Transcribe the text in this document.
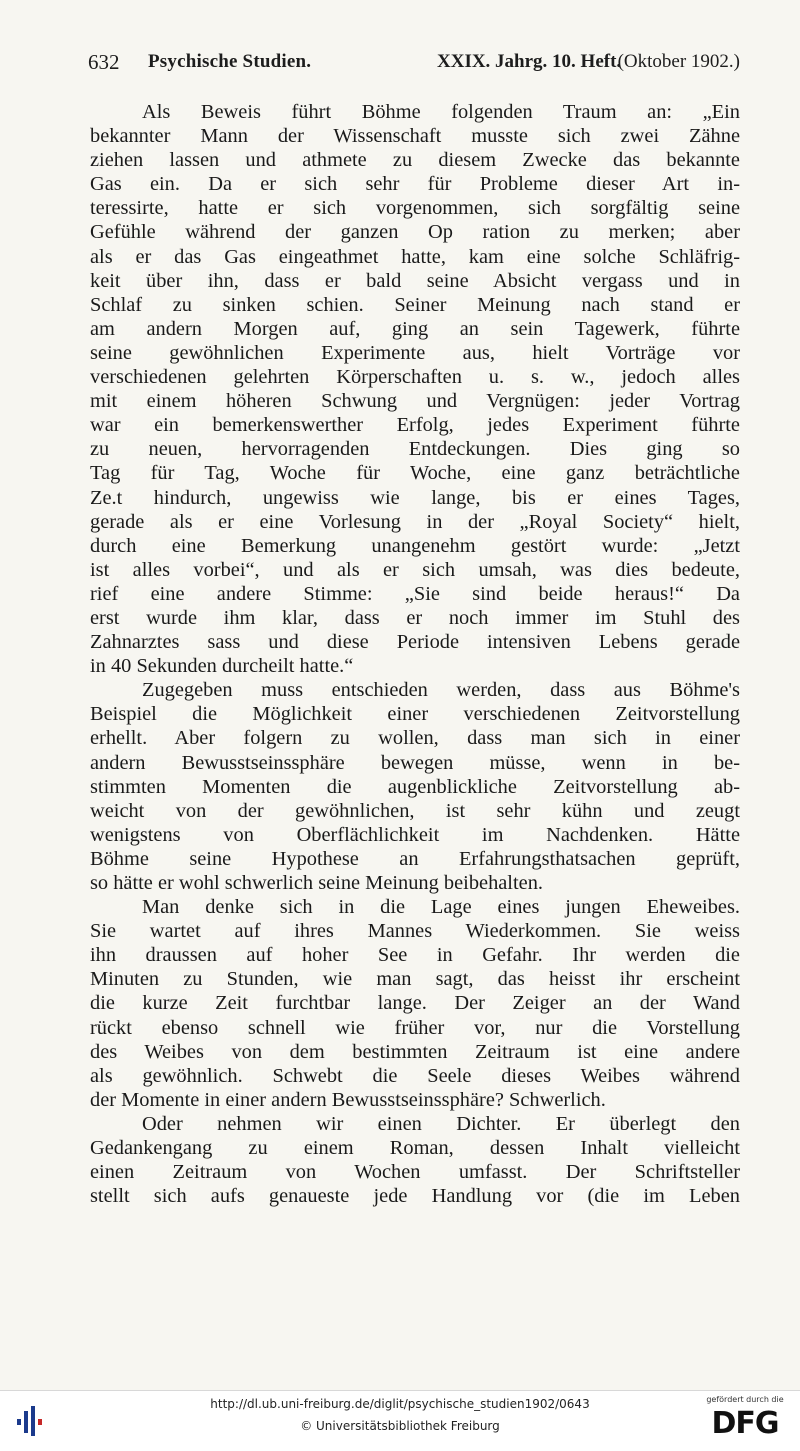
632 Psychische Studien.	XXIX. Jahrg. 10. Heft.
(Oktober 1902.)
Als Beweis führt Böhme folgenden Traum an: „Ein
bekannter Mann der Wissenschaft musste sich zwei Zähne
ziehen lassen und athmete zu diesem Zwecke das bekannte
Gas ein. Da er sich sehr für Probleme dieser Art in-
teressirte, hatte er sich vorgenommen, sich sorgfältig seine
Gefühle während der ganzen Op ration zu merken; aber
als er das Gas eingeathmet hatte, kam eine solche Schläfrig-
keit über ihn, dass er bald seine Absicht vergass und in
Schlaf zu sinken schien. Seiner Meinung nach stand er
am andern Morgen auf, ging an sein Tagewerk, führte
seine gewöhnlichen Experimente aus, hielt Vorträge vor
verschiedenen gelehrten Körperschaften u. s. w., jedoch alles
mit einem höheren Schwung und Vergnügen: jeder Vortrag
war ein bemerkenswerther Erfolg, jedes Experiment führte
zu neuen, hervorragenden Entdeckungen. Dies ging so
Tag für Tag, Woche für Woche, eine ganz beträchtliche
Ze.t hindurch, ungewiss wie lange, bis er eines Tages,
gerade als er eine Vorlesung in der „Royal Society“ hielt,
durch eine Bemerkung unangenehm gestört wurde: „Jetzt
ist alles vorbei“, und als er sich umsah, was dies bedeute,
rief eine andere Stimme: „Sie sind beide heraus!“ Da
erst wurde ihm klar, dass er noch immer im Stuhl des
Zahnarztes sass und diese Periode intensiven Lebens gerade
in 40 Sekunden durcheilt hatte.“
Zugegeben muss entschieden werden, dass aus Böhme's
Beispiel die Möglichkeit einer verschiedenen Zeitvorstellung
erhellt. Aber folgern zu wollen, dass man sich in einer
andern Bewusstseinssphäre bewegen müsse, wenn in be-
stimmten Momenten die augenblickliche Zeitvorstellung ab-
weicht von der gewöhnlichen, ist sehr kühn und zeugt
wenigstens von Oberflächlichkeit im Nachdenken. Hätte
Böhme seine Hypothese an Erfahrungsthatsachen geprüft,
so hätte er wohl schwerlich seine Meinung beibehalten.
Man denke sich in die Lage eines jungen Eheweibes.
Sie wartet auf ihres Mannes Wiederkommen. Sie weiss
ihn draussen auf hoher See in Gefahr. Ihr werden die
Minuten zu Stunden, wie man sagt, das heisst ihr erscheint
die kurze Zeit furchtbar lange. Der Zeiger an der Wand
rückt ebenso schnell wie früher vor, nur die Vorstellung
des Weibes von dem bestimmten Zeitraum ist eine andere
als gewöhnlich. Schwebt die Seele dieses Weibes während
der Momente in einer andern Bewusstseinssphäre? Schwerlich.
Oder nehmen wir einen Dichter. Er überlegt den
Gedankengang zu einem Roman, dessen Inhalt vielleicht
einen Zeitraum von Wochen umfasst. Der Schriftsteller
stellt sich aufs genaueste jede Handlung vor (die im Leben
http://dl.ub.uni-freiburg.de/diglit/psychische_studien1902/0643
© Universitätsbibliothek Freiburg
gefördert durch die
DFG
